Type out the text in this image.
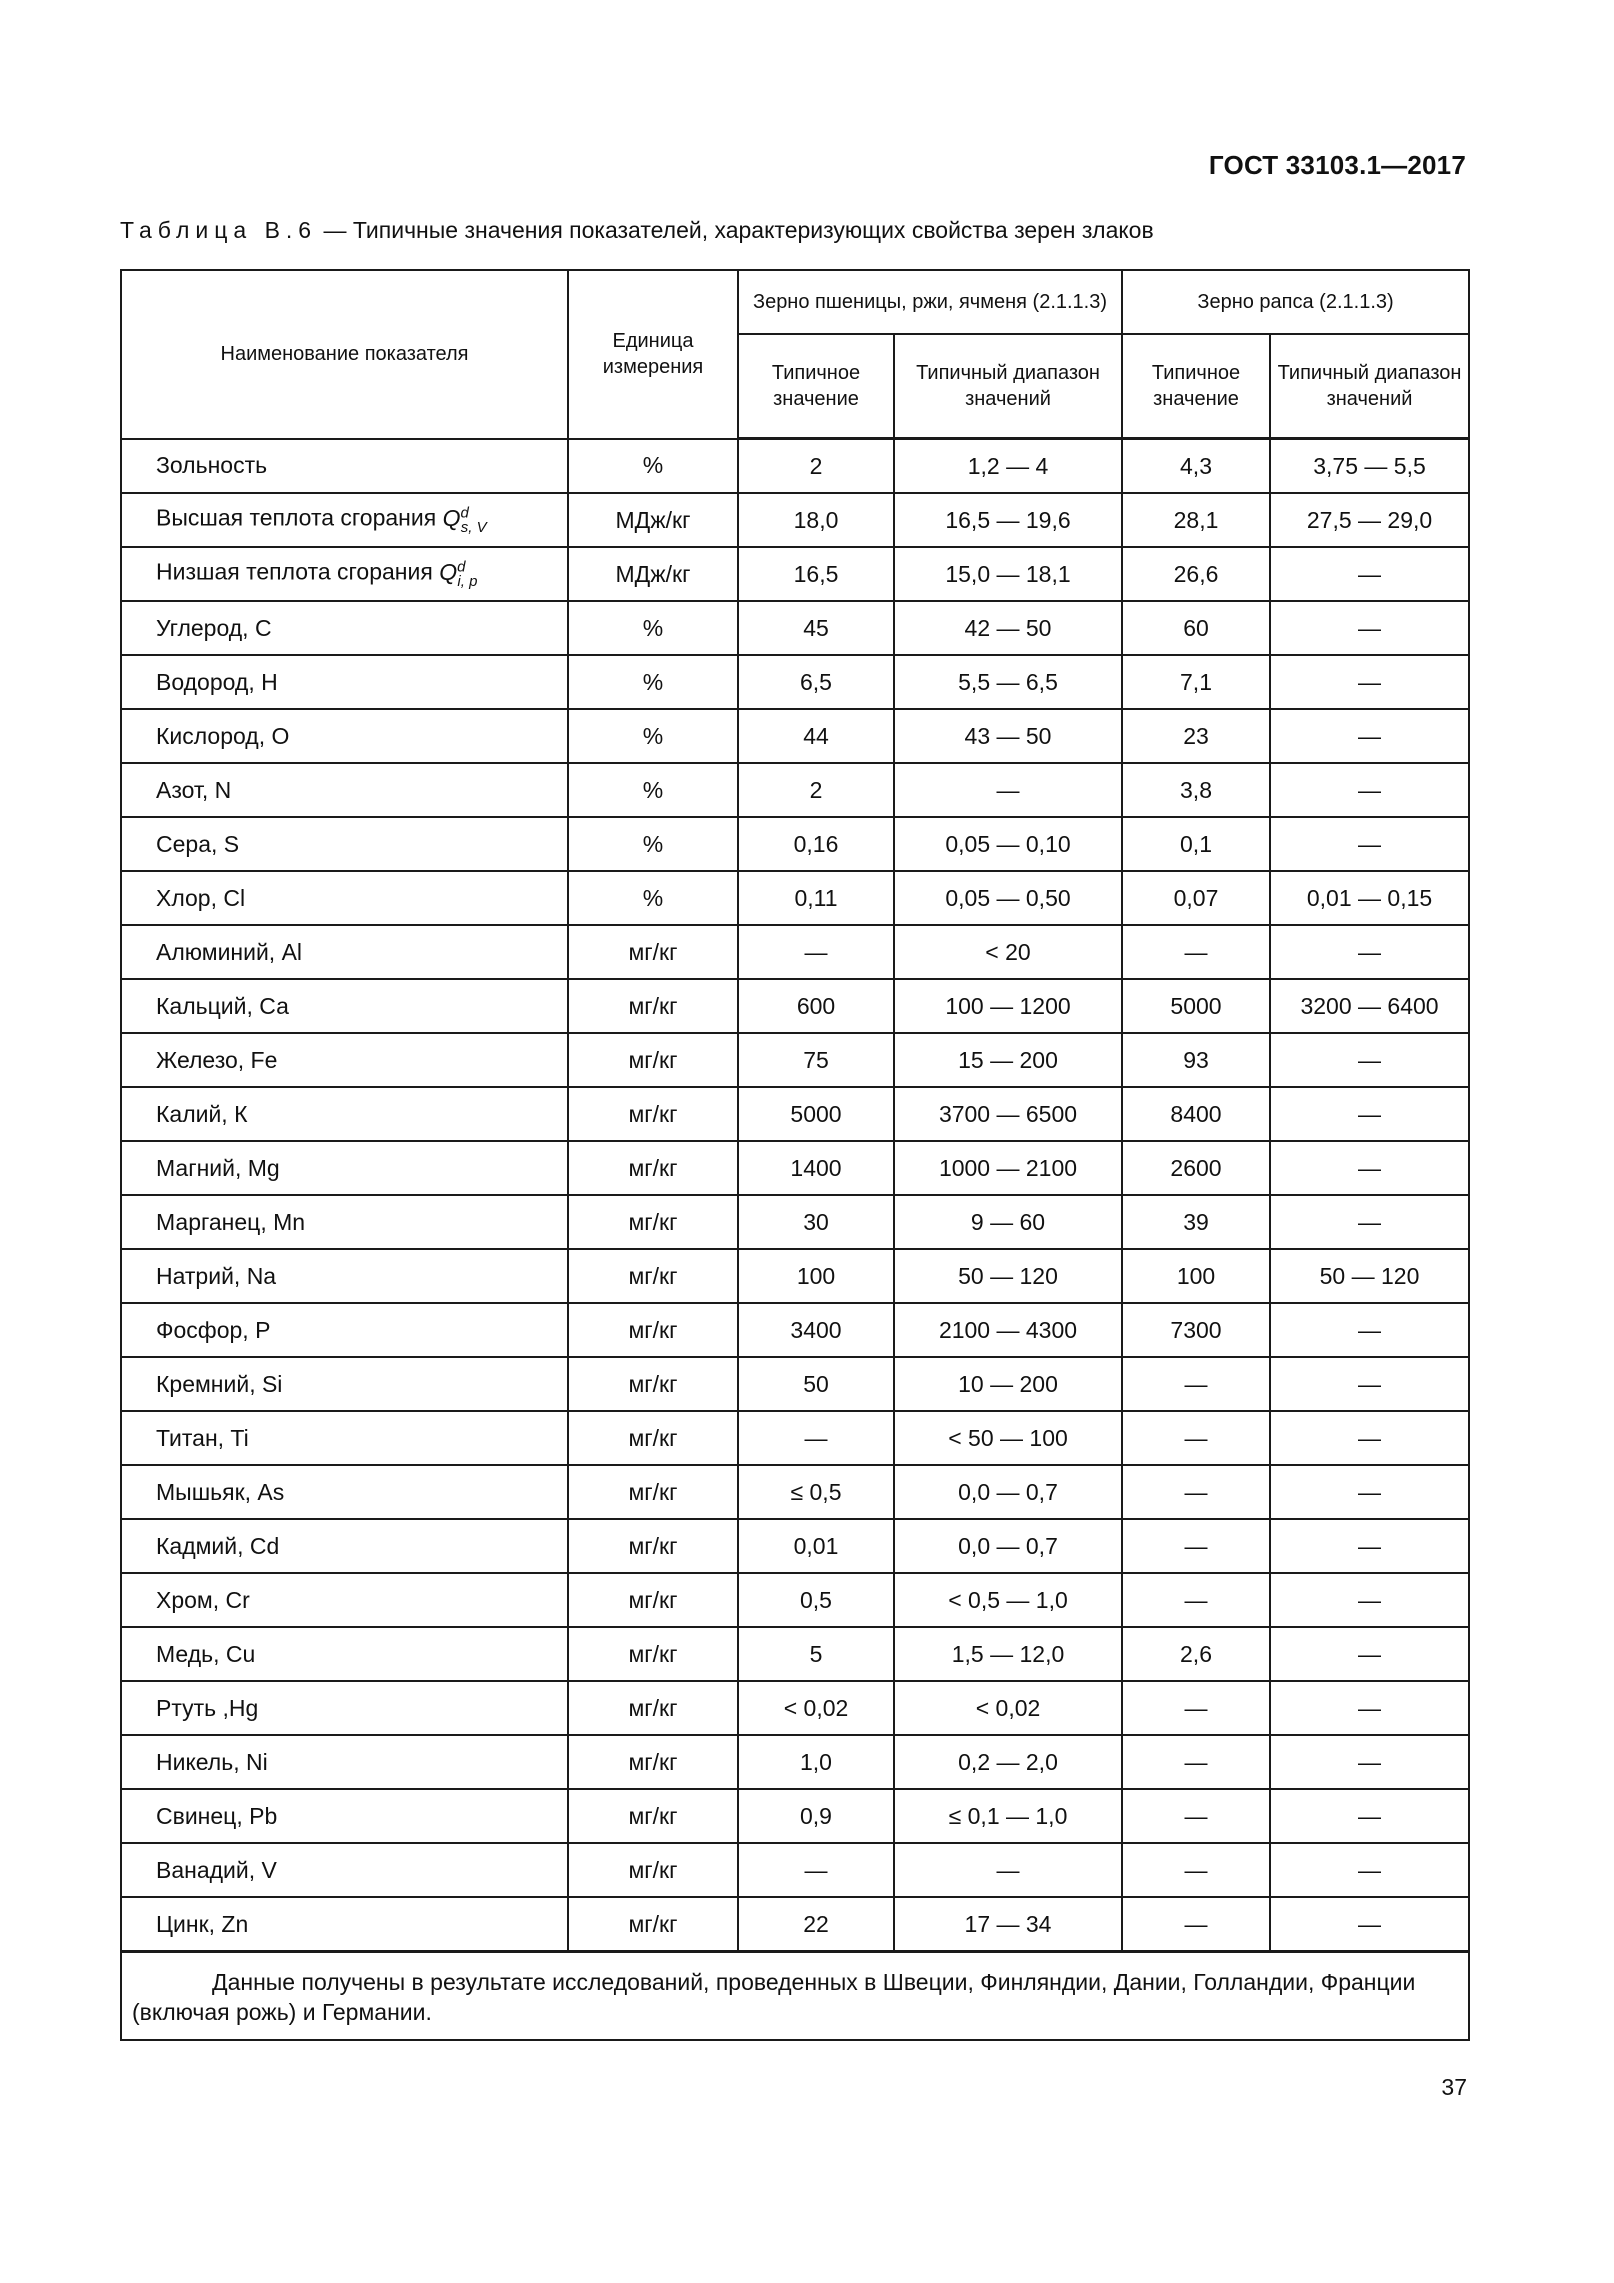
ГОСТ 33103.1—2017
Таблица В.6 — Типичные значения показателей, характеризующих свойства зерен злаков
Наименование показателя	Единица измерения	Зерно пшеницы, ржи, ячменя (2.1.1.3)		Зерно рапса (2.1.1.3)	
		Типичное значение	Типичный диапазон значений	Типичное значение	Типичный диапазон значений
Зольность	%	2	1,2 — 4	4,3	3,75 — 5,5
Высшая теплота сгорания $Q^d_{s, V}$	МДж/кг	18,0	16,5 — 19,6	28,1	27,5 — 29,0
Низшая теплота сгорания $Q^d_{i, p}$	МДж/кг	16,5	15,0 — 18,1	26,6	—
Углерод, С	%	45	42 — 50	60	—
Водород, Н	%	6,5	5,5 — 6,5	7,1	—
Кислород, О	%	44	43 — 50	23	—
Азот, N	%	2	—	3,8	—
Сера, S	%	0,16	0,05 — 0,10	0,1	—
Хлор, Cl	%	0,11	0,05 — 0,50	0,07	0,01 — 0,15
Алюминий, Al	мг/кг	—	< 20	—	—
Кальций, Са	мг/кг	600	100 — 1200	5000	3200 — 6400
Железо, Fe	мг/кг	75	15 — 200	93	—
Калий, К	мг/кг	5000	3700 — 6500	8400	—
Магний, Mg	мг/кг	1400	1000 — 2100	2600	—
Марганец, Mn	мг/кг	30	9 — 60	39	—
Натрий, Na	мг/кг	100	50 — 120	100	50 — 120
Фосфор, Р	мг/кг	3400	2100 — 4300	7300	—
Кремний, Si	мг/кг	50	10 — 200	—	—
Титан, Ti	мг/кг	—	< 50 — 100	—	—
Мышьяк, As	мг/кг	≤ 0,5	0,0 — 0,7	—	—
Кадмий, Cd	мг/кг	0,01	0,0 — 0,7	—	—
Хром, Cr	мг/кг	0,5	< 0,5 — 1,0	—	—
Медь, Cu	мг/кг	5	1,5 — 12,0	2,6	—
Ртуть ,Hg	мг/кг	< 0,02	< 0,02	—	—
Никель, Ni	мг/кг	1,0	0,2 — 2,0	—	—
Свинец, Pb	мг/кг	0,9	≤ 0,1 — 1,0	—	—
Ванадий, V	мг/кг	—	—	—	—
Цинк, Zn	мг/кг	22	17 — 34	—	—

Данные получены в результате исследований, проведенных в Швеции, Финляндии, Дании, Голландии, Франции (включая рожь) и Германии.					
37
